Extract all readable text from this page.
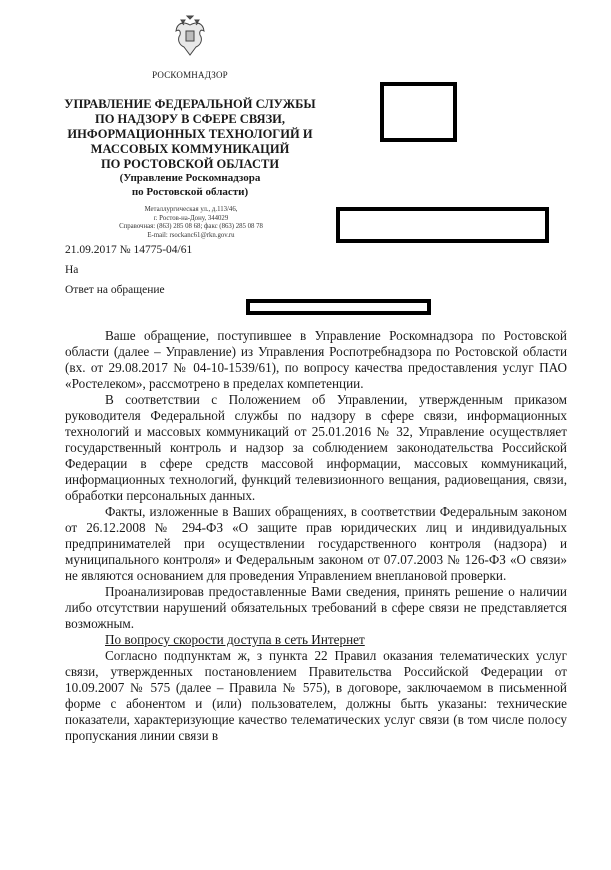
РОСКОМНАДЗОР
УПРАВЛЕНИЕ ФЕДЕРАЛЬНОЙ СЛУЖБЫ
ПО НАДЗОРУ В СФЕРЕ СВЯЗИ,
ИНФОРМАЦИОННЫХ ТЕХНОЛОГИЙ И
МАССОВЫХ КОММУНИКАЦИЙ
ПО РОСТОВСКОЙ ОБЛАСТИ
(Управление Роскомнадзора
по Ростовской области)
Металлургическая ул., д.113/46,
г. Ростов-на-Дону, 344029
Справочная: (863) 285 08 68; факс (863) 285 08 78
E-mail: rsockanc61@rkn.gov.ru
21.09.2017 № 14775-04/61
На
Ответ на обращение

Ваше обращение, поступившее в Управление Роскомнадзора по Ростовской области (далее – Управление) из Управления Роспотребнадзора по Ростовской области (вх. от 29.08.2017 № 04-10-1539/61), по вопросу качества предоставления услуг ПАО «Ростелеком», рассмотрено в пределах компетенции.

В соответствии с Положением об Управлении, утвержденным приказом руководителя Федеральной службы по надзору в сфере связи, информационных технологий и массовых коммуникаций от 25.01.2016 № 32, Управление осуществляет государственный контроль и надзор за соблюдением законодательства Российской Федерации в сфере средств массовой информации, массовых коммуникаций, информационных технологий, функций телевизионного вещания, радиовещания, связи, обработки персональных данных.

Факты, изложенные в Ваших обращениях, в соответствии Федеральным законом от 26.12.2008 № 294-ФЗ «О защите прав юридических лиц и индивидуальных предпринимателей при осуществлении государственного контроля (надзора) и муниципального контроля» и Федеральным законом от 07.07.2003 № 126-ФЗ «О связи» не являются основанием для проведения Управлением внеплановой проверки.

Проанализировав предоставленные Вами сведения, принять решение о наличии либо отсутствии нарушений обязательных требований в сфере связи не представляется возможным.

По вопросу скорости доступа в сеть Интернет

Согласно подпунктам ж, з пункта 22 Правил оказания телематических услуг связи, утвержденных постановлением Правительства Российской Федерации от 10.09.2007 № 575 (далее – Правила № 575), в договоре, заключаемом в письменной форме с абонентом и (или) пользователем, должны быть указаны: технические показатели, характеризующие качество телематических услуг связи (в том числе полосу пропускания линии связи в
